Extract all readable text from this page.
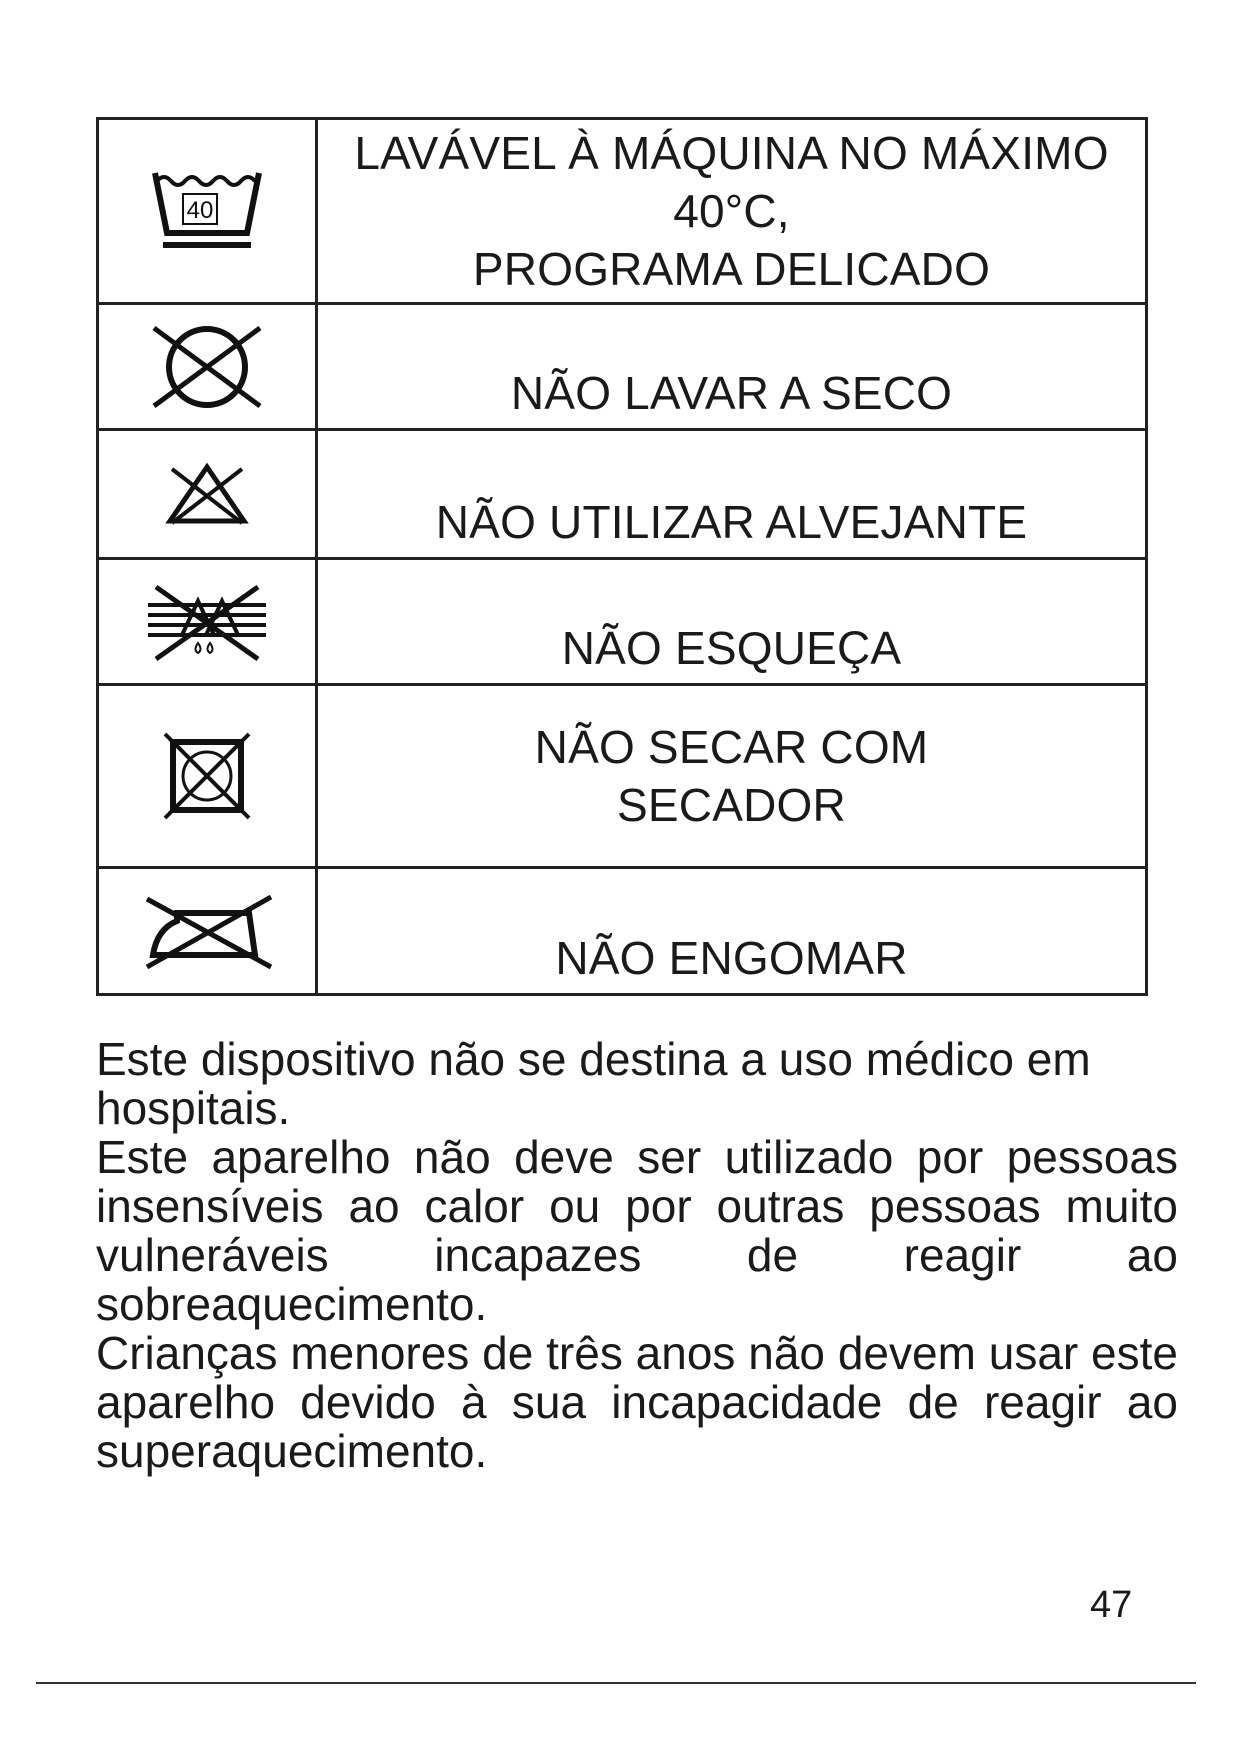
40	LAVÁVEL À MÁQUINA NO MÁXIMO
40°C,
PROGRAMA DELICADO

NÃO LAVAR A SECO

NÃO UTILIZAR ALVEJANTE

NÃO ESQUEÇA

NÃO SECAR COM
SECADOR

NÃO ENGOMAR

Este dispositivo não se destina a uso médico em hospitais.

Este aparelho não deve ser utilizado por pessoas insensíveis ao calor ou por outras pessoas muito vulneráveis incapazes de reagir ao sobreaquecimento.

Crianças menores de três anos não devem usar este aparelho devido à sua incapacidade de reagir ao superaquecimento.

47
